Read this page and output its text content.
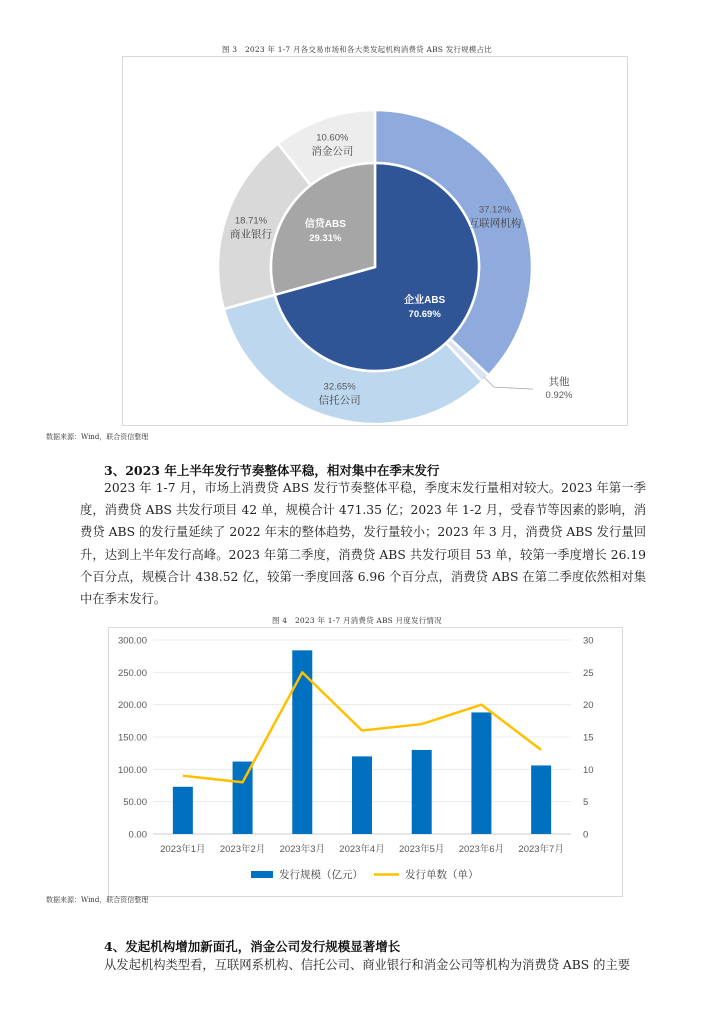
图 3　2023 年 1-7 月各交易市场和各大类发起机构消费贷 ABS 发行规模占比
企业ABS
70.69%
信贷ABS
29.31%
37.12%
互联网机构
其他
0.92%
32.65%
信托公司
18.71%
商业银行
10.60%
消金公司
数据来源：Wind，联合资信整理
3、2023 年上半年发行节奏整体平稳，相对集中在季末发行
2023 年 1-7 月，市场上消费贷 ABS 发行节奏整体平稳，季度末发行量相对较大。2023 年第一季度，消费贷 ABS 共发行项目 42 单，规模合计 471.35 亿；2023 年 1-2 月，受春节等因素的影响，消费贷 ABS 的发行量延续了 2022 年末的整体趋势，发行量较小；2023 年 3 月，消费贷 ABS 发行量回升，达到上半年发行高峰。2023 年第二季度，消费贷 ABS 共发行项目 53 单，较第一季度增长 26.19 个百分点，规模合计 438.52 亿，较第一季度回落 6.96 个百分点，消费贷 ABS 在第二季度依然相对集中在季末发行。
图 4　2023 年 1-7 月消费贷 ABS 月度发行情况
0.00
50.00
100.00
150.00
200.00
250.00
300.00
0
5
10
15
20
25
30
2023年1月 2023年2月 2023年3月 2023年4月 2023年5月 2023年6月 2023年7月
发行规模（亿元）	发行单数（单）
数据来源：Wind，联合资信整理
4、发起机构增加新面孔，消金公司发行规模显著增长
从发起机构类型看，互联网系机构、信托公司、商业银行和消金公司等机构为消费贷 ABS 的主要
